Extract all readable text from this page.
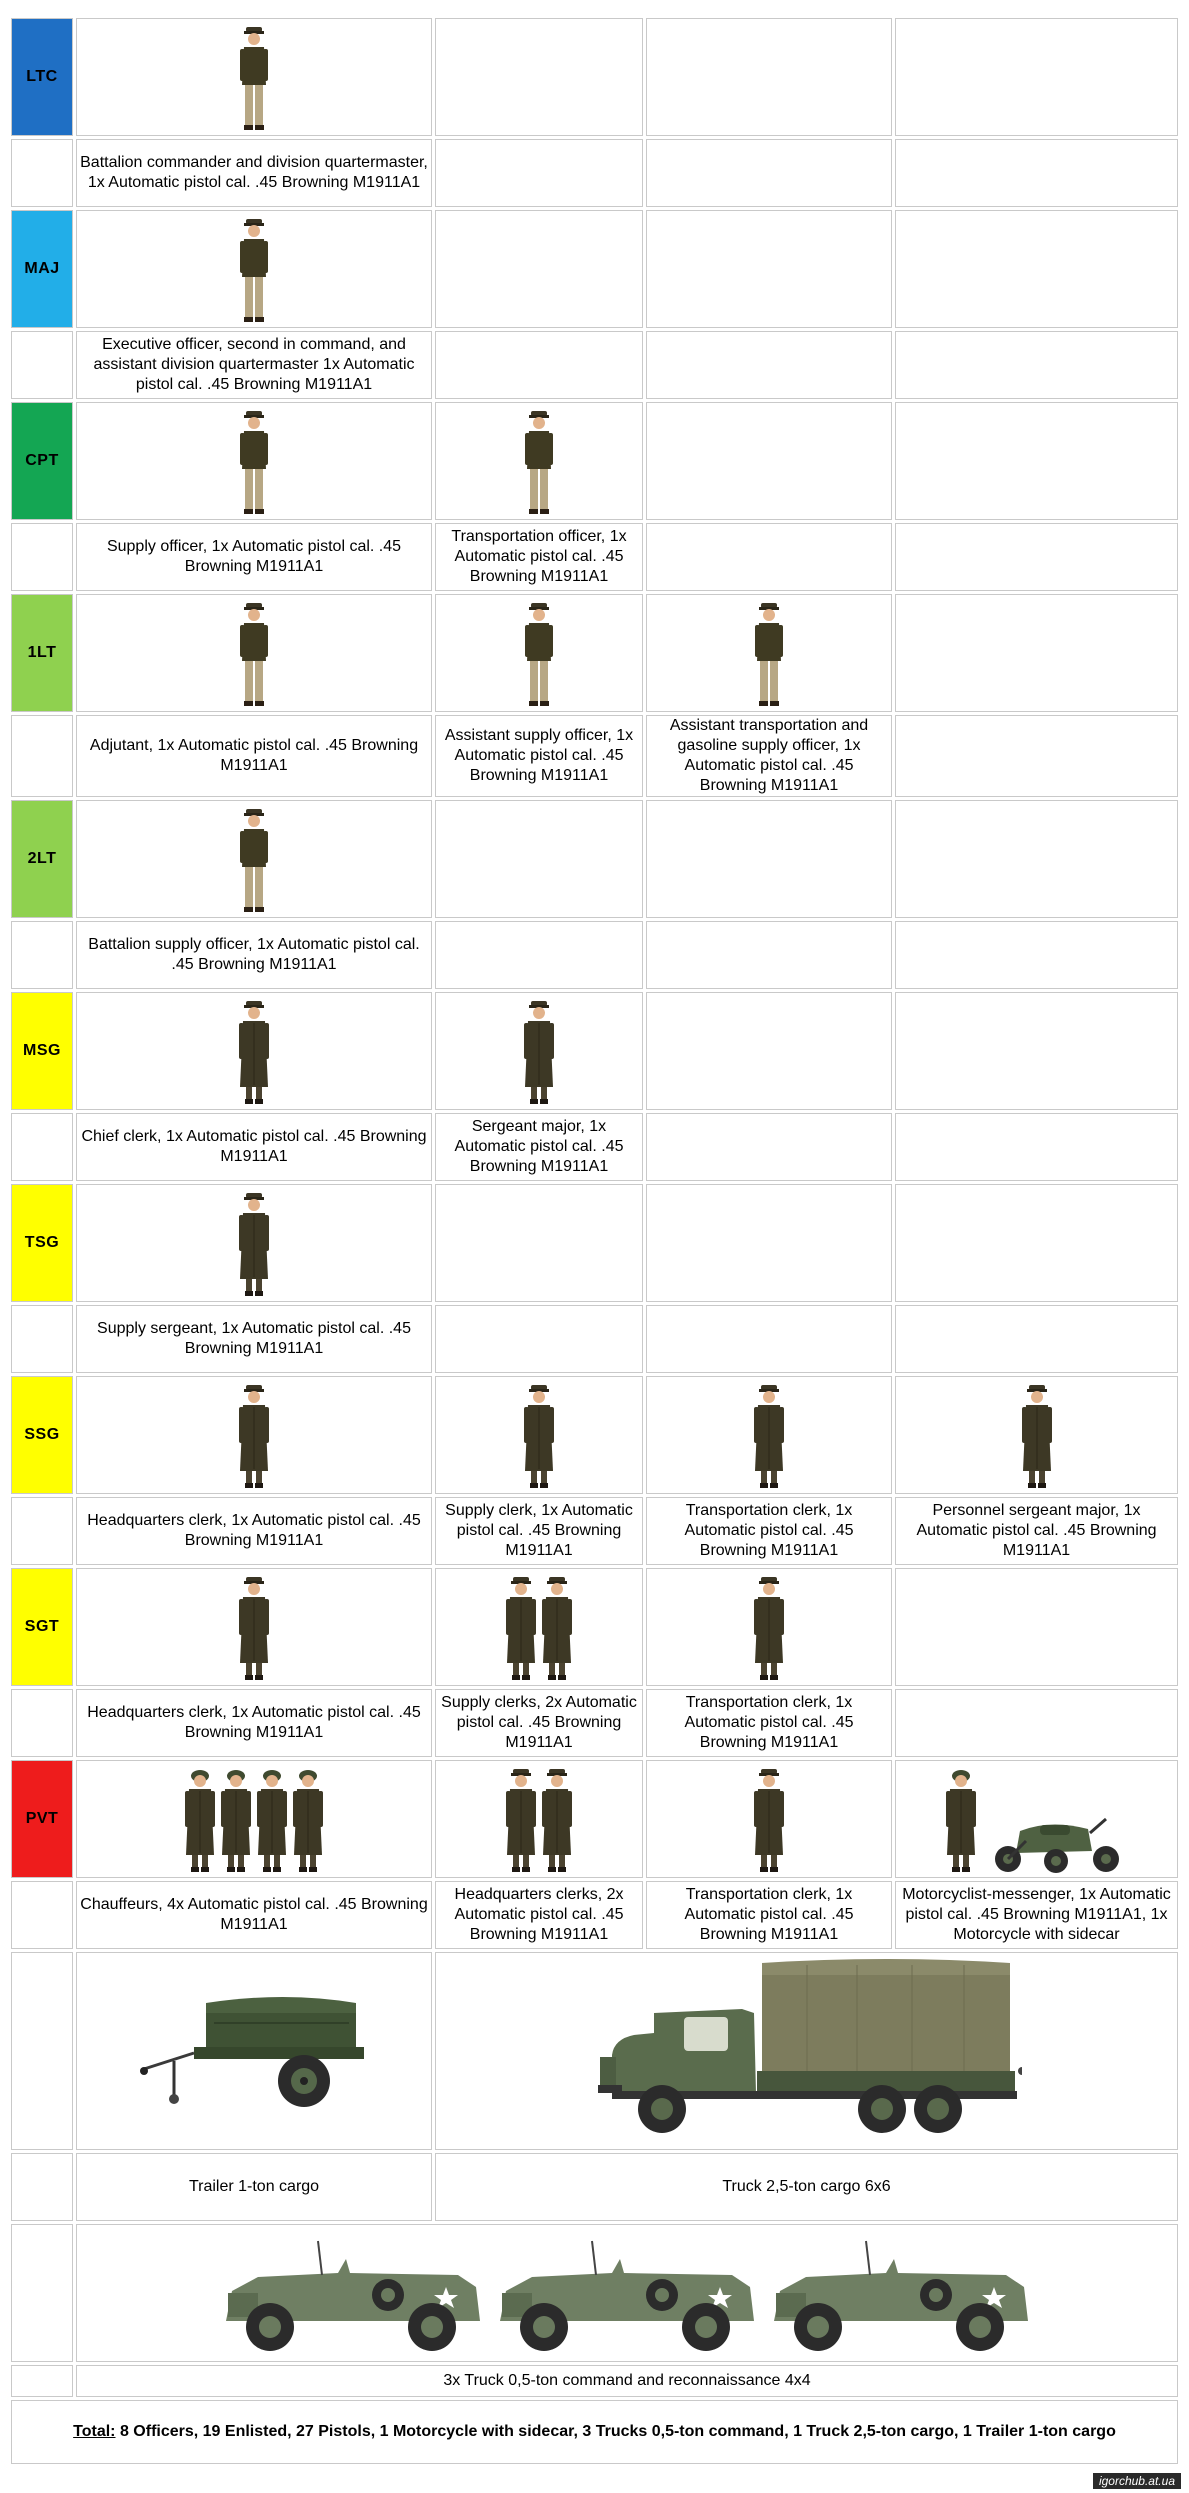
LTC	

	Battalion commander and division quartermaster, 1x Automatic pistol cal. .45 Browning M1911A1			
MAJ	

	Executive officer, second in command, and assistant division quartermaster 1x Automatic pistol cal. .45 Browning M1911A1			
CPT	

	Supply officer, 1x Automatic pistol cal. .45 Browning M1911A1	Transportation officer, 1x Automatic pistol cal. .45 Browning M1911A1		
1LT	

	Adjutant, 1x Automatic pistol cal. .45 Browning M1911A1	Assistant supply officer, 1x Automatic pistol cal. .45 Browning M1911A1	Assistant transportation and gasoline supply officer, 1x Automatic pistol cal. .45 Browning M1911A1	
2LT	

	Battalion supply officer, 1x Automatic pistol cal. .45 Browning M1911A1			
MSG	

	Chief clerk, 1x Automatic pistol cal. .45 Browning M1911A1	Sergeant major, 1x Automatic pistol cal. .45 Browning M1911A1		
TSG	

	Supply sergeant, 1x Automatic pistol cal. .45 Browning M1911A1			
SSG	

	Headquarters clerk, 1x Automatic pistol cal. .45 Browning M1911A1	Supply clerk, 1x Automatic pistol cal. .45 Browning M1911A1	Transportation clerk, 1x Automatic pistol cal. .45 Browning M1911A1	Personnel sergeant major, 1x Automatic pistol cal. .45 Browning M1911A1
SGT	

	Headquarters clerk, 1x Automatic pistol cal. .45 Browning M1911A1	Supply clerks, 2x Automatic pistol cal. .45 Browning M1911A1	Transportation clerk, 1x Automatic pistol cal. .45 Browning M1911A1	
PVT	

	Chauffeurs, 4x Automatic pistol cal. .45 Browning M1911A1	Headquarters clerks, 2x Automatic pistol cal. .45 Browning M1911A1	Transportation clerk, 1x Automatic pistol cal. .45 Browning M1911A1	Motorcyclist-messenger, 1x Automatic pistol cal. .45 Browning M1911A1, 1x Motorcycle with sidecar

	Trailer 1-ton cargo	Truck 2,5-ton cargo 6x6		

	3x Truck 0,5-ton command and reconnaissance 4x4			
Total: 8 Officers, 19 Enlisted, 27 Pistols, 1 Motorcycle with sidecar, 3 Trucks 0,5-ton command, 1 Truck 2,5-ton cargo, 1 Trailer 1-ton cargo				
igorchub.at.ua
